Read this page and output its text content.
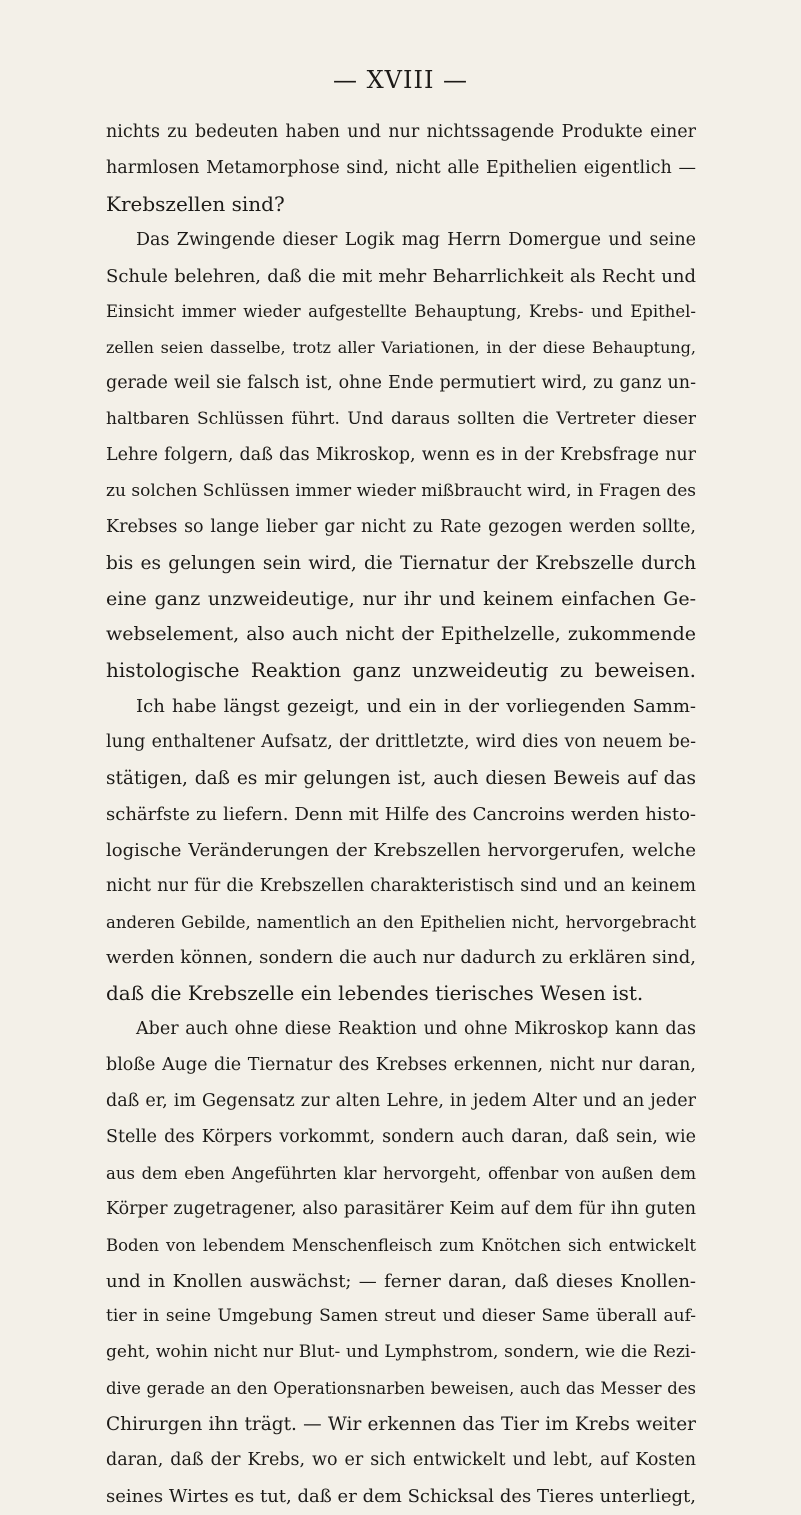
— XVIII —
nichts zu bedeuten haben und nur nichtssagende Produkte einer
harmlosen Metamorphose sind, nicht alle Epithelien eigentlich —
Krebszellen sind?
Das Zwingende dieser Logik mag Herrn Domergue und seine
Schule belehren, daß die mit mehr Beharrlichkeit als Recht und
Einsicht immer wieder aufgestellte Behauptung, Krebs- und Epithel-
zellen seien dasselbe, trotz aller Variationen, in der diese Behauptung,
gerade weil sie falsch ist, ohne Ende permutiert wird, zu ganz un-
haltbaren Schlüssen führt. Und daraus sollten die Vertreter dieser
Lehre folgern, daß das Mikroskop, wenn es in der Krebsfrage nur
zu solchen Schlüssen immer wieder mißbraucht wird, in Fragen des
Krebses so lange lieber gar nicht zu Rate gezogen werden sollte,
bis es gelungen sein wird, die Tiernatur der Krebszelle durch
eine ganz unzweideutige, nur ihr und keinem einfachen Ge-
webselement, also auch nicht der Epithelzelle, zukommende
histologische Reaktion ganz unzweideutig zu beweisen.
Ich habe längst gezeigt, und ein in der vorliegenden Samm-
lung enthaltener Aufsatz, der drittletzte, wird dies von neuem be-
stätigen, daß es mir gelungen ist, auch diesen Beweis auf das
schärfste zu liefern. Denn mit Hilfe des Cancroins werden histo-
logische Veränderungen der Krebszellen hervorgerufen, welche
nicht nur für die Krebszellen charakteristisch sind und an keinem
anderen Gebilde, namentlich an den Epithelien nicht, hervorgebracht
werden können, sondern die auch nur dadurch zu erklären sind,
daß die Krebszelle ein lebendes tierisches Wesen ist.
Aber auch ohne diese Reaktion und ohne Mikroskop kann das
bloße Auge die Tiernatur des Krebses erkennen, nicht nur daran,
daß er, im Gegensatz zur alten Lehre, in jedem Alter und an jeder
Stelle des Körpers vorkommt, sondern auch daran, daß sein, wie
aus dem eben Angeführten klar hervorgeht, offenbar von außen dem
Körper zugetragener, also parasitärer Keim auf dem für ihn guten
Boden von lebendem Menschenfleisch zum Knötchen sich entwickelt
und in Knollen auswächst; — ferner daran, daß dieses Knollen-
tier in seine Umgebung Samen streut und dieser Same überall auf-
geht, wohin nicht nur Blut- und Lymphstrom, sondern, wie die Rezi-
dive gerade an den Operationsnarben beweisen, auch das Messer des
Chirurgen ihn trägt. — Wir erkennen das Tier im Krebs weiter
daran, daß der Krebs, wo er sich entwickelt und lebt, auf Kosten
seines Wirtes es tut, daß er dem Schicksal des Tieres unterliegt,
